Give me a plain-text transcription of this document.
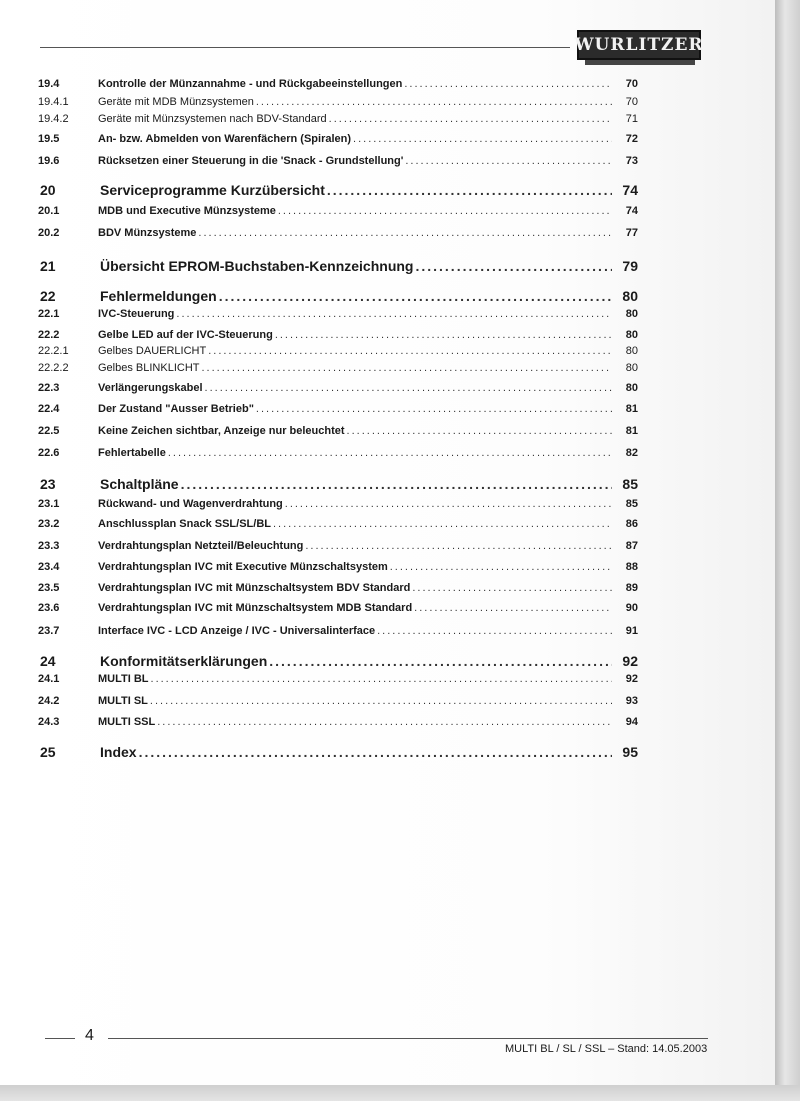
WURLITZER
19.4	Kontrolle der Münzannahme - und Rückgabeeinstellungen .....	70
19.4.1	Geräte mit MDB Münzsystemen .....	70
19.4.2	Geräte mit Münzsystemen nach BDV-Standard .....	71
19.5	An- bzw. Abmelden von Warenfächern (Spiralen) .....	72
19.6	Rücksetzen einer Steuerung in die 'Snack - Grundstellung' .....	73
20	Serviceprogramme Kurzübersicht .....	74
20.1	MDB und Executive Münzsysteme .....	74
20.2	BDV Münzsysteme .....	77
21	Übersicht EPROM-Buchstaben-Kennzeichnung .....	79
22	Fehlermeldungen .....	80
22.1	IVC-Steuerung .....	80
22.2	Gelbe LED auf der IVC-Steuerung .....	80
22.2.1	Gelbes DAUERLICHT .....	80
22.2.2	Gelbes BLINKLICHT .....	80
22.3	Verlängerungskabel .....	80
22.4	Der Zustand "Ausser Betrieb" .....	81
22.5	Keine Zeichen sichtbar, Anzeige nur beleuchtet .....	81
22.6	Fehlertabelle .....	82
23	Schaltpläne .....	85
23.1	Rückwand- und Wagenverdrahtung .....	85
23.2	Anschlussplan Snack SSL/SL/BL .....	86
23.3	Verdrahtungsplan Netzteil/Beleuchtung .....	87
23.4	Verdrahtungsplan IVC mit Executive Münzschaltsystem .....	88
23.5	Verdrahtungsplan IVC mit Münzschaltsystem BDV Standard .....	89
23.6	Verdrahtungsplan IVC mit Münzschaltsystem MDB Standard .....	90
23.7	Interface IVC - LCD Anzeige / IVC - Universalinterface .....	91
24	Konformitätserklärungen .....	92
24.1	MULTI BL .....	92
24.2	MULTI SL .....	93
24.3	MULTI SSL .....	94
25	Index .....	95
4
MULTI BL / SL / SSL – Stand: 14.05.2003
